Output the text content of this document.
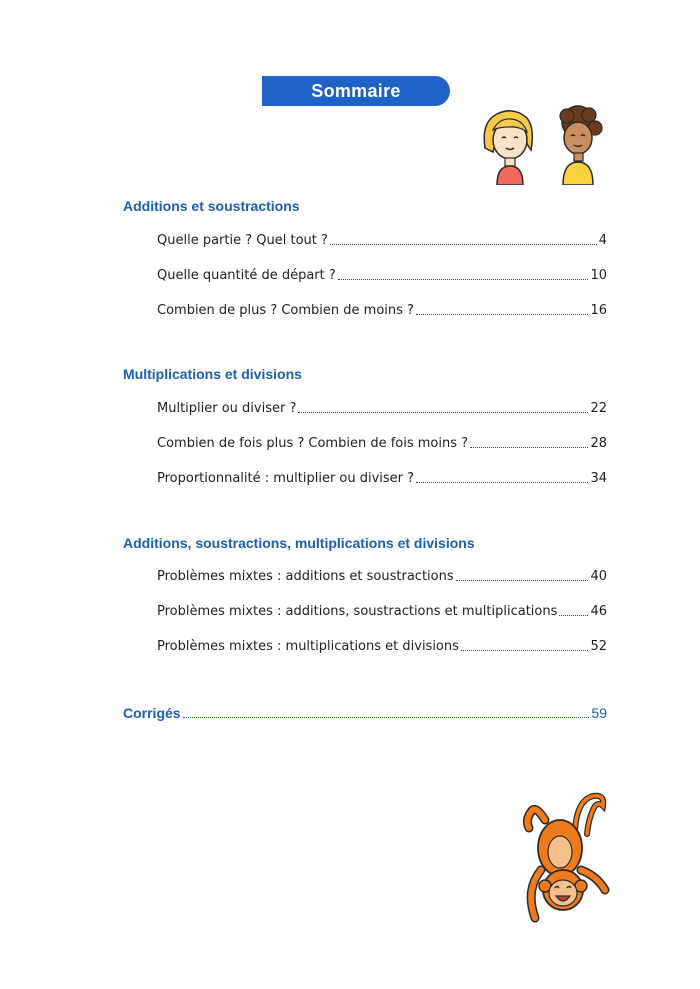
Sommaire
Additions et soustractions
Quelle partie ? Quel tout ?	4
Quelle quantité de départ ?	10
Combien de plus ? Combien de moins ?	16
Multiplications et divisions
Multiplier ou diviser ?	22
Combien de fois plus ? Combien de fois moins ?	28
Proportionnalité : multiplier ou diviser ?	34
Additions, soustractions, multiplications et divisions
Problèmes mixtes : additions et soustractions	40
Problèmes mixtes : additions, soustractions et multiplications	46
Problèmes mixtes : multiplications et divisions	52
Corrigés	59
